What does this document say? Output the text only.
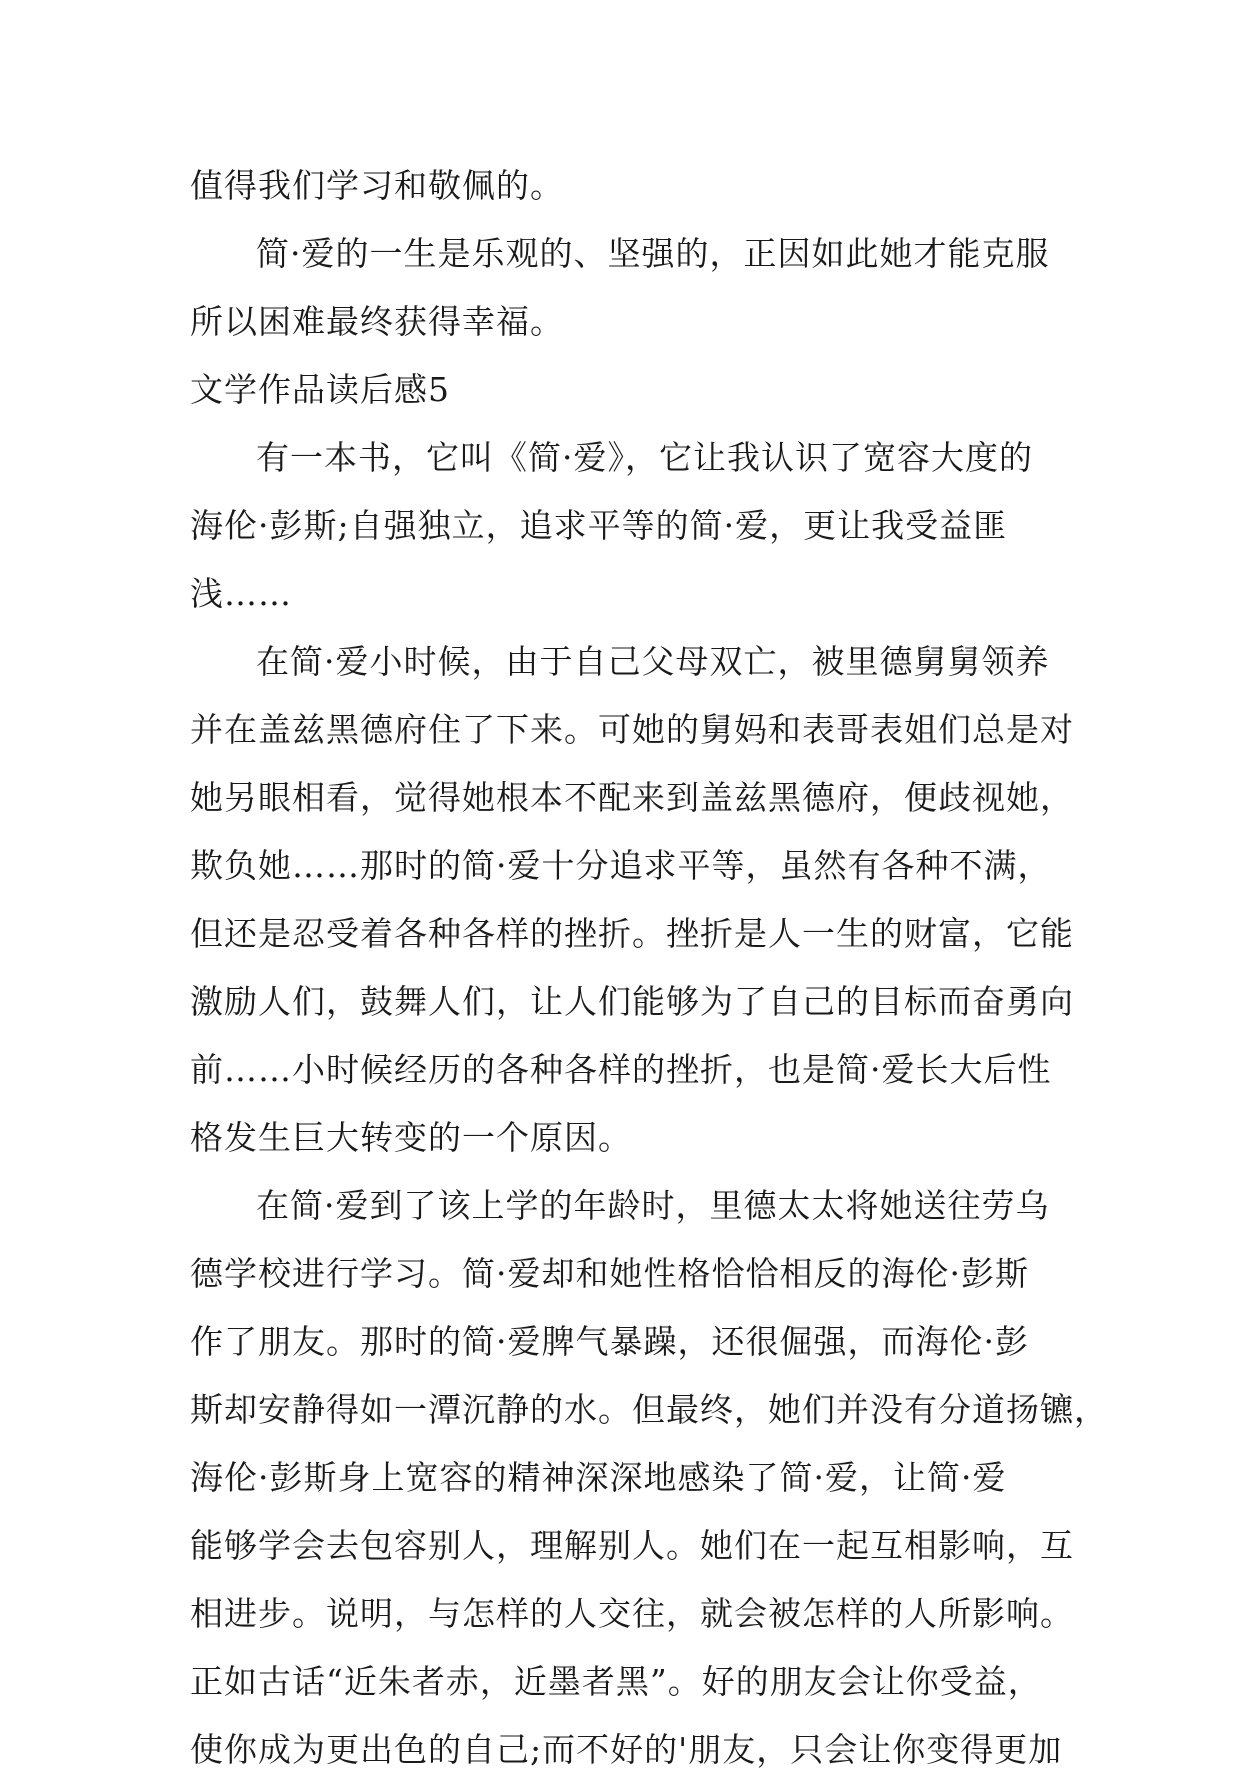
值得我们学习和敬佩的。
简·爱的一生是乐观的、坚强的，正因如此她才能克服
所以困难最终获得幸福。
文学作品读后感5
有一本书，它叫《简·爱》，它让我认识了宽容大度的
海伦·彭斯;自强独立，追求平等的简·爱，更让我受益匪
浅……
在简·爱小时候，由于自己父母双亡，被里德舅舅领养
并在盖兹黑德府住了下来。可她的舅妈和表哥表姐们总是对
她另眼相看，觉得她根本不配来到盖兹黑德府，便歧视她，
欺负她……那时的简·爱十分追求平等，虽然有各种不满，
但还是忍受着各种各样的挫折。挫折是人一生的财富，它能
激励人们，鼓舞人们，让人们能够为了自己的目标而奋勇向
前……小时候经历的各种各样的挫折，也是简·爱长大后性
格发生巨大转变的一个原因。
在简·爱到了该上学的年龄时，里德太太将她送往劳乌
德学校进行学习。简·爱却和她性格恰恰相反的海伦·彭斯
作了朋友。那时的简·爱脾气暴躁，还很倔强，而海伦·彭
斯却安静得如一潭沉静的水。但最终，她们并没有分道扬镳，
海伦·彭斯身上宽容的精神深深地感染了简·爱，让简·爱
能够学会去包容别人，理解别人。她们在一起互相影响，互
相进步。说明，与怎样的人交往，就会被怎样的人所影响。
正如古话“近朱者赤，近墨者黑”。好的朋友会让你受益，
使你成为更出色的自己;而不好的'朋友，只会让你变得更加
